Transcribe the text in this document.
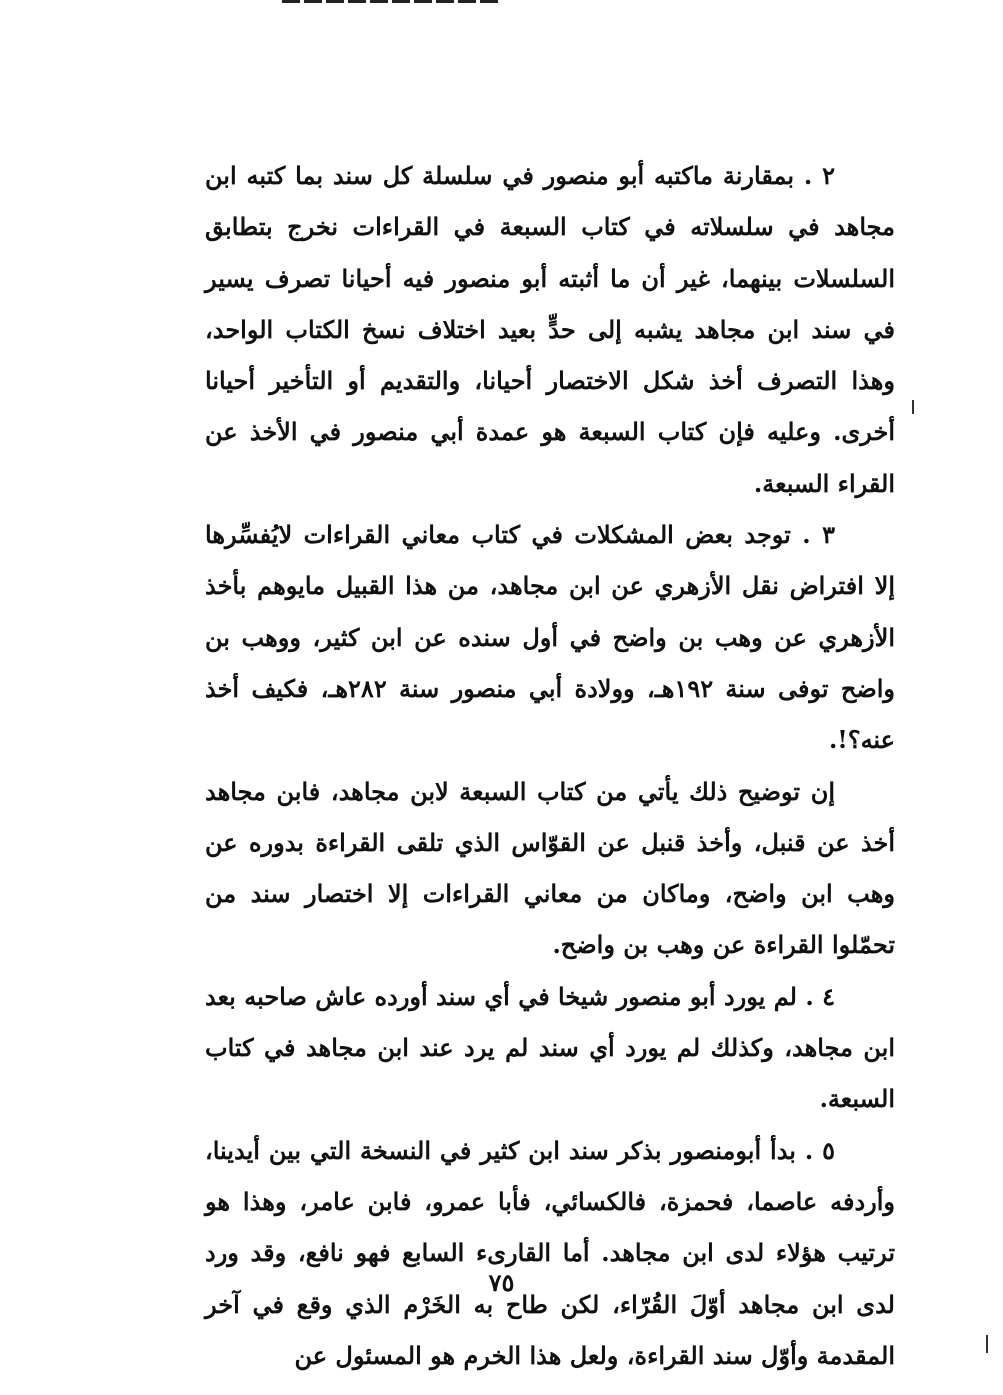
٢ . بمقارنة ماكتبه أبو منصور في سلسلة كل سند بما كتبه ابن مجاهد في سلسلاته في كتاب السبعة في القراءات نخرج بتطابق السلسلات بينهما، غير أن ما أثبته أبو منصور فيه أحيانا تصرف يسير في سند ابن مجاهد يشبه إلى حدٍّ بعيد اختلاف نسخ الكتاب الواحد، وهذا التصرف أخذ شكل الاختصار أحيانا، والتقديم أو التأخير أحيانا أخرى. وعليه فإن كتاب السبعة هو عمدة أبي منصور في الأخذ عن القراء السبعة.

٣ . توجد بعض المشكلات في كتاب معاني القراءات لايُفسِّرها إلا افتراض نقل الأزهري عن ابن مجاهد، من هذا القبيل مايوهم بأخذ الأزهري عن وهب بن واضح في أول سنده عن ابن كثير، ووهب بن واضح توفى سنة ١٩٢هـ، وولادة أبي منصور سنة ٢٨٢هـ، فكيف أخذ عنه؟!.

إن توضيح ذلك يأتي من كتاب السبعة لابن مجاهد، فابن مجاهد أخذ عن قنبل، وأخذ قنبل عن القوّاس الذي تلقى القراءة بدوره عن وهب ابن واضح، وماكان من معاني القراءات إلا اختصار سند من تحمّلوا القراءة عن وهب بن واضح.

٤ . لم يورد أبو منصور شيخا في أي سند أورده عاش صاحبه بعد ابن مجاهد، وكذلك لم يورد أي سند لم يرد عند ابن مجاهد في كتاب السبعة.

٥ . بدأ أبومنصور بذكر سند ابن كثير في النسخة التي بين أيدينا، وأردفه عاصما، فحمزة، فالكسائي، فأبا عمرو، فابن عامر، وهذا هو ترتيب هؤلاء لدى ابن مجاهد. أما القارىء السابع فهو نافع، وقد ورد لدى ابن مجاهد أوّلَ القُرّاء، لكن طاح به الخَرْم الذي وقع في آخر المقدمة وأوّل سند القراءة، ولعل هذا الخرم هو المسئول عن

٧٥
